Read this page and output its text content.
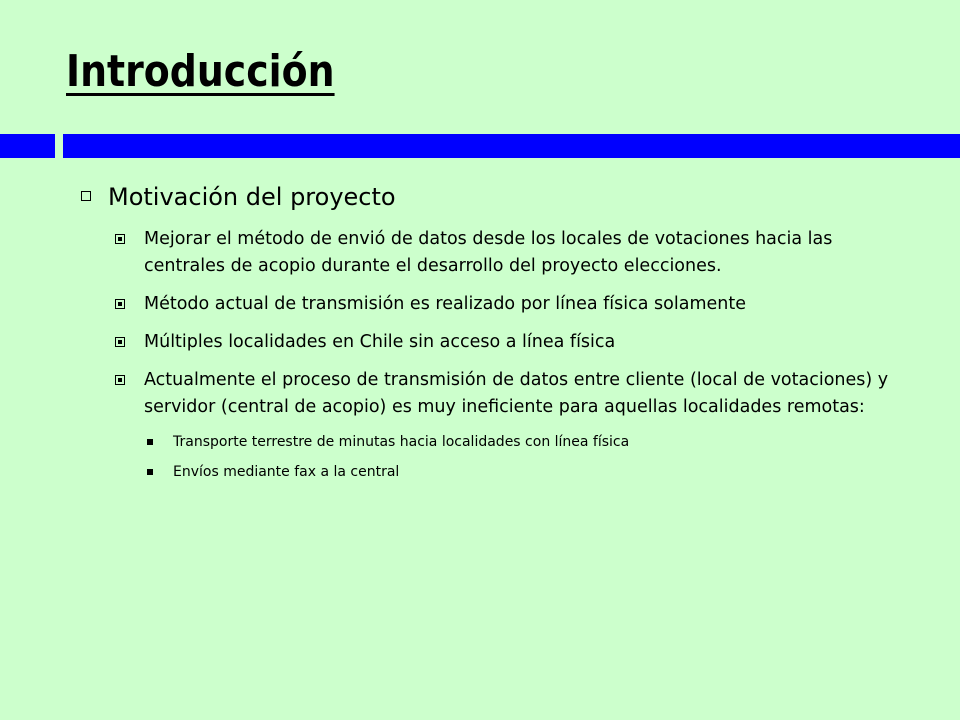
Introducción
Motivación del proyecto
Mejorar el método de envió de datos desde los locales de votaciones hacia las centrales de acopio durante el desarrollo del proyecto elecciones.
Método actual de transmisión es realizado por línea física solamente
Múltiples localidades en Chile sin acceso a línea física
Actualmente el proceso de transmisión de datos entre cliente (local de votaciones) y servidor (central de acopio) es muy ineficiente para aquellas localidades remotas:
Transporte terrestre de minutas hacia localidades con línea física
Envíos mediante fax a la central
